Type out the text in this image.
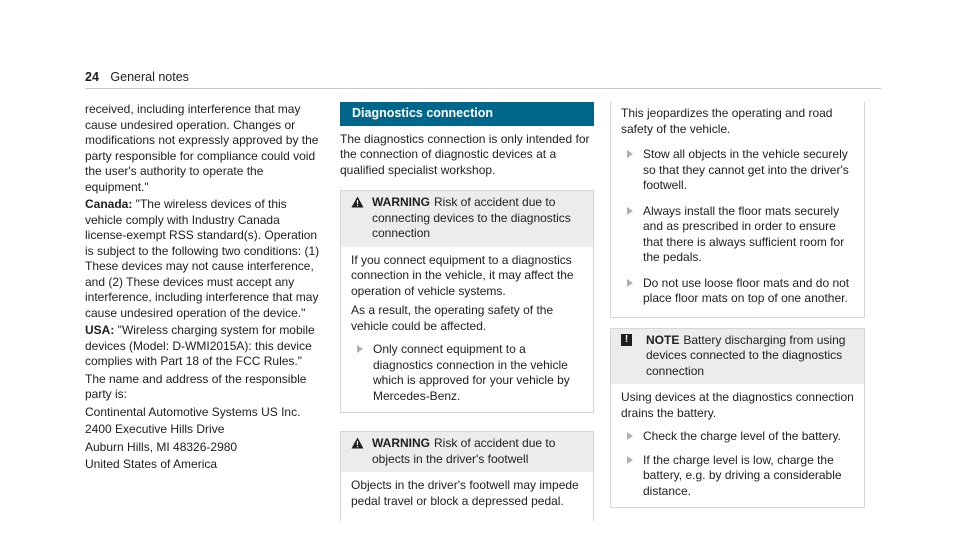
24 General notes

received, including interference that may cause undesired operation. Changes or modifications not expressly approved by the party responsible for compliance could void the user's authority to operate the equipment."

Canada: "The wireless devices of this vehicle comply with Industry Canada license-exempt RSS standard(s). Operation is subject to the following two conditions: (1) These devices may not cause interference, and (2) These devices must accept any interference, including interference that may cause undesired operation of the device."

USA: "Wireless charging system for mobile devices (Model: D-WMI2015A): this device complies with Part 18 of the FCC Rules."

The name and address of the responsible party is:

Continental Automotive Systems US Inc.

2400 Executive Hills Drive

Auburn Hills, MI 48326-2980

United States of America

Diagnostics connection

The diagnostics connection is only intended for the connection of diagnostic devices at a qualified specialist workshop.

WARNING Risk of accident due to connecting devices to the diagnostics connection

If you connect equipment to a diagnostics connection in the vehicle, it may affect the operation of vehicle systems.

As a result, the operating safety of the vehicle could be affected.

Only connect equipment to a diagnostics connection in the vehicle which is approved for your vehicle by Mercedes-Benz.
WARNING Risk of accident due to objects in the driver's footwell

Objects in the driver's footwell may impede pedal travel or block a depressed pedal.

This jeopardizes the operating and road safety of the vehicle.

Stow all objects in the vehicle securely so that they cannot get into the driver's footwell.
Always install the floor mats securely and as prescribed in order to ensure that there is always sufficient room for the pedals.
Do not use loose floor mats and do not place floor mats on top of one another.
!	NOTE Battery discharging from using devices connected to the diagnostics connection

Using devices at the diagnostics connection drains the battery.

Check the charge level of the battery.
If the charge level is low, charge the battery, e.g. by driving a considerable distance.
